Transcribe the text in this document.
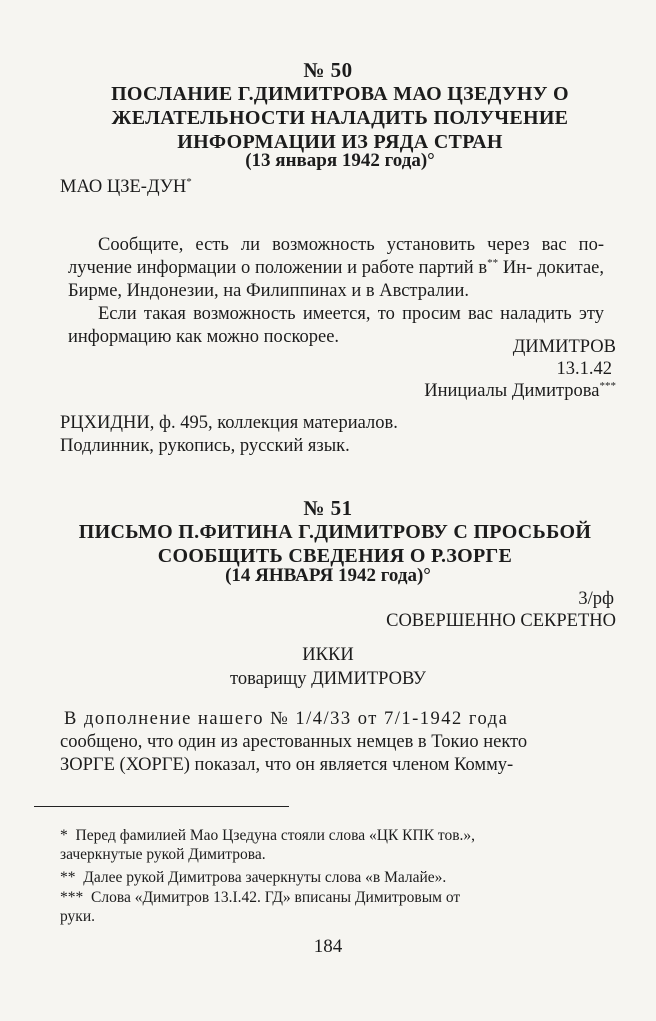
№ 50
ПОСЛАНИЕ Г.ДИМИТРОВА МАО ЦЗЕДУНУ О
ЖЕЛАТЕЛЬНОСТИ НАЛАДИТЬ ПОЛУЧЕНИЕ
ИНФОРМАЦИИ ИЗ РЯДА СТРАН
(13 января 1942 года)°
МАО ЦЗЕ-ДУН*

Сообщите, есть ли возможность установить через вас по- лучение информации о положении и работе партий в** Ин- докитае, Бирме, Индонезии, на Филиппинах и в Австралии.

Если такая возможность имеется, то просим вас наладить эту информацию как можно поскорее.	ДИМИТРОВ
13.1.42
Инициалы Димитрова***
РЦХИДНИ, ф. 495, коллекция материалов.
Подлинник, рукопись, русский язык.
№ 51
ПИСЬМО П.ФИТИНА Г.ДИМИТРОВУ С ПРОСЬБОЙ
СООБЩИТЬ СВЕДЕНИЯ О Р.ЗОРГЕ
(14 ЯНВАРЯ 1942 года)°
3/рф
СОВЕРШЕННО СЕКРЕТНО
ИККИ
товарищу ДИМИТРОВУ
В дополнение нашего № 1/4/33 от 7/1-1942 года
сообщено, что один из арестованных немцев в Токио некто
ЗОРГЕ (ХОРГЕ) показал, что он является членом Комму-
* Перед фамилией Мао Цзедуна стояли слова «ЦК КПК тов.»,
зачеркнутые рукой Димитрова.
** Далее рукой Димитрова зачеркнуты слова «в Малайе».
*** Слова «Димитров 13.I.42. ГД» вписаны Димитровым от
руки.
184
